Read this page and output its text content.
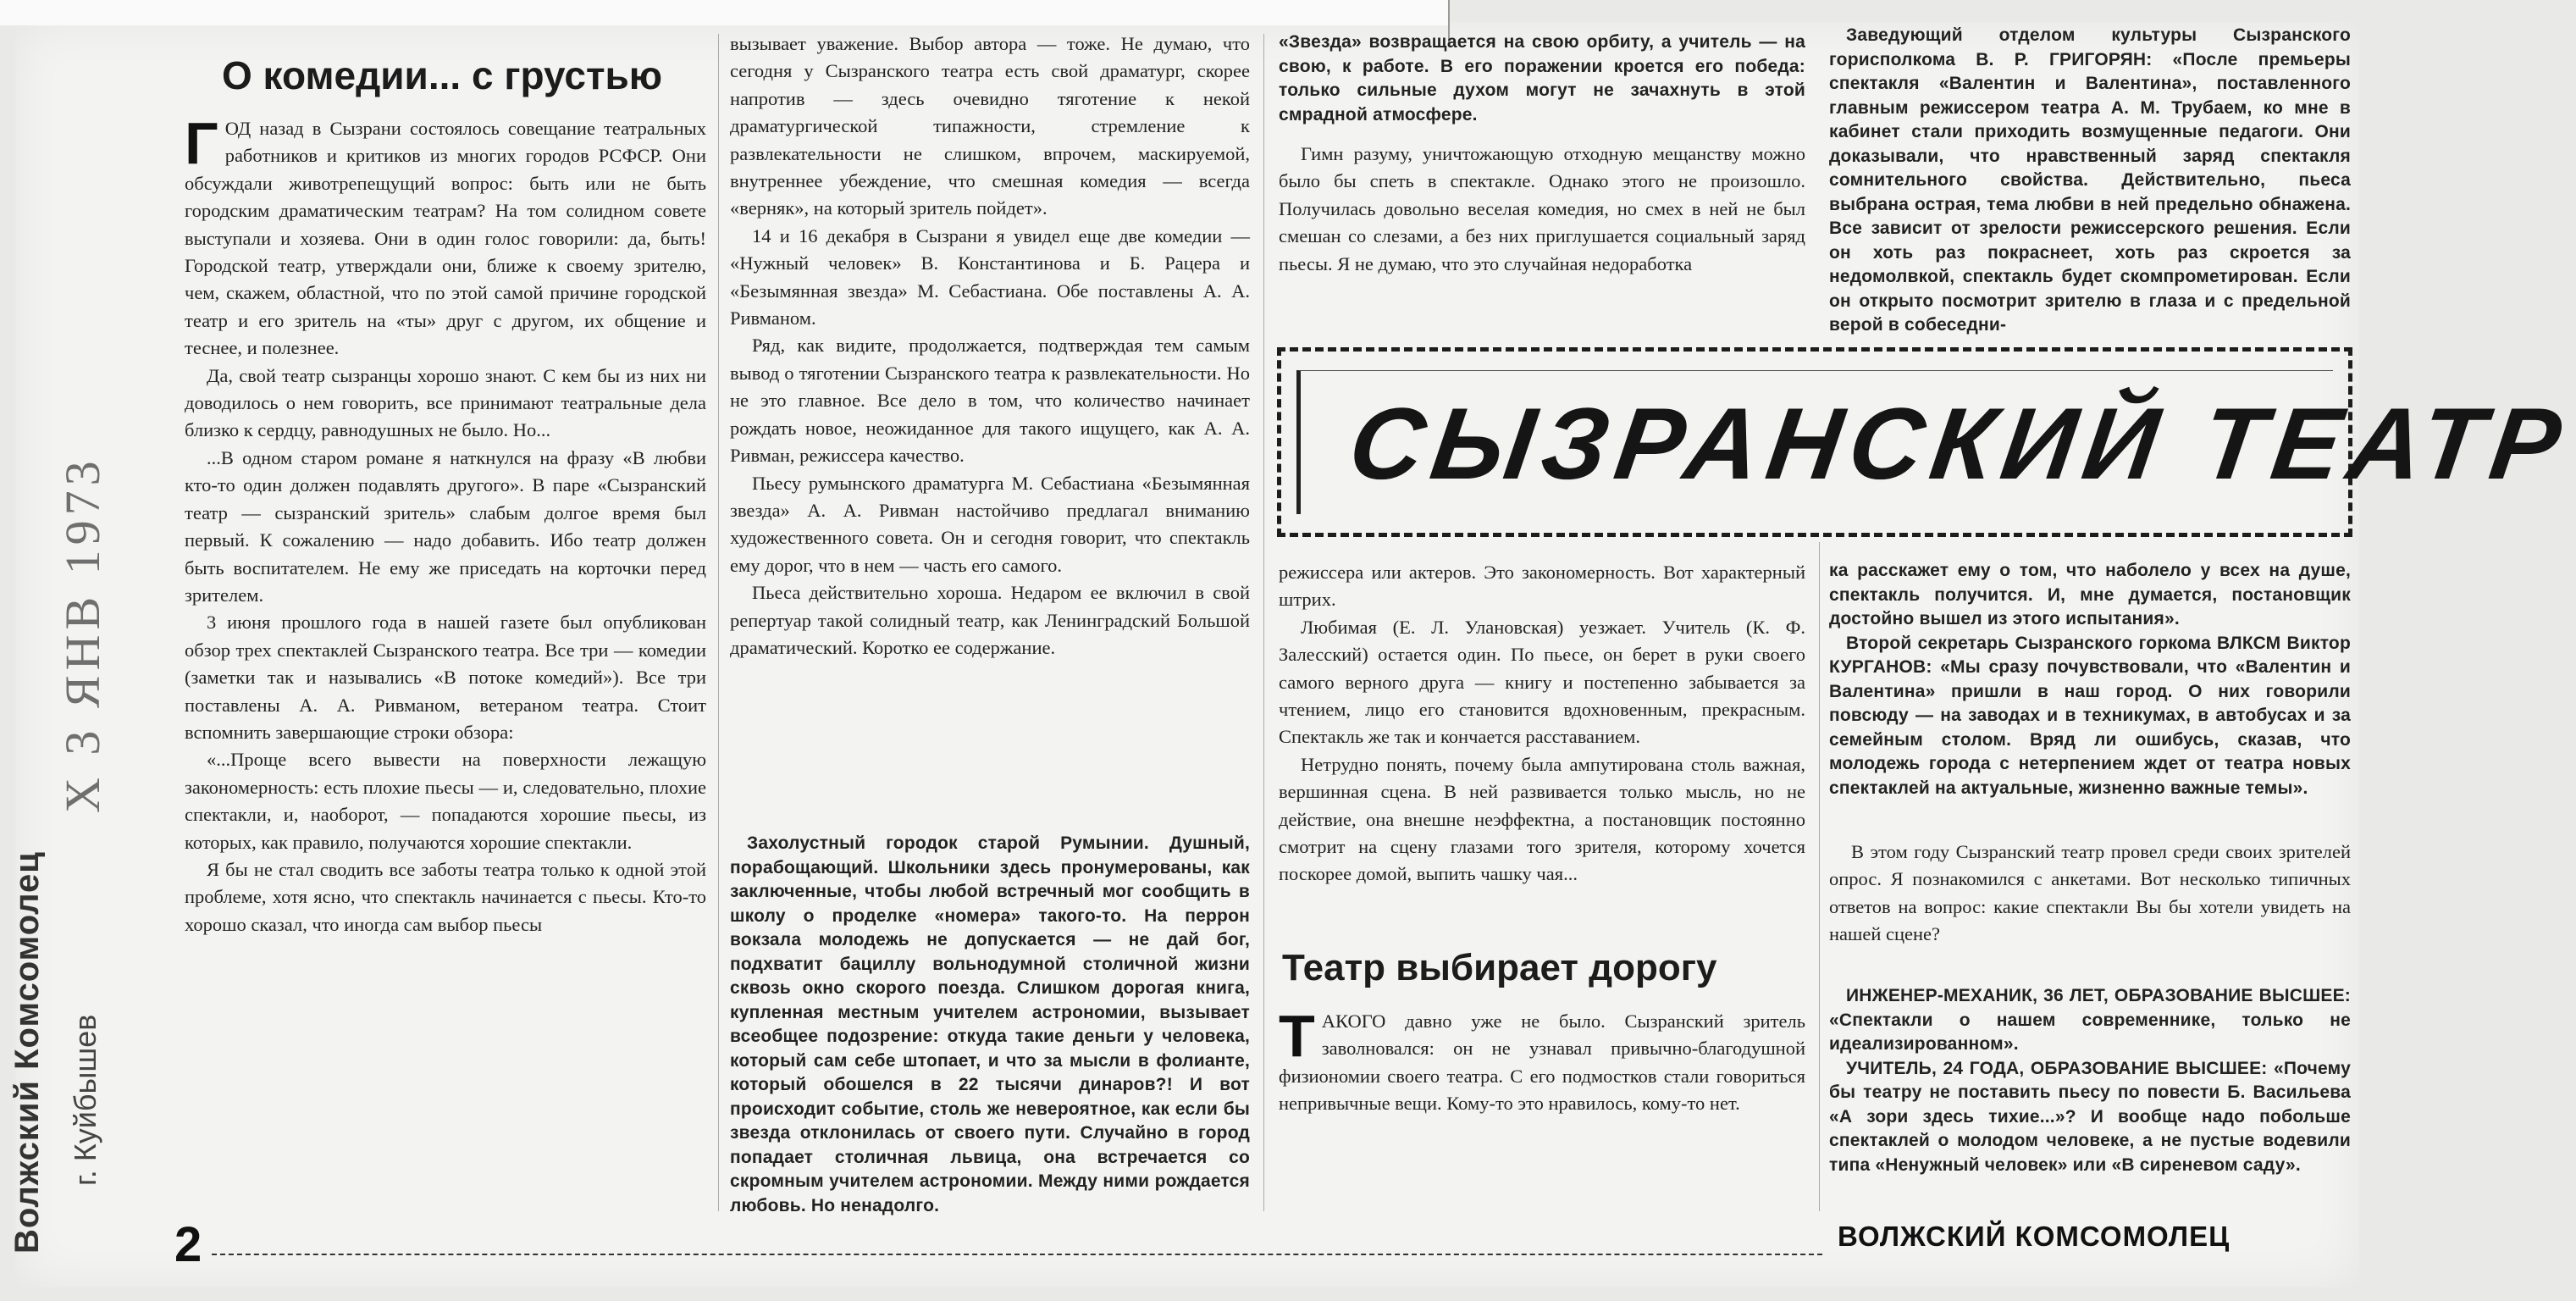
Х 3 ЯНВ 1973
Волжский Комсомолец г. Куйбышев
О комедии... с грустью

ГОД назад в Сызрани состоялось совещание театральных работников и критиков из многих городов РСФСР. Они обсуждали животрепещущий вопрос: быть или не быть городским драматическим театрам? На том солидном совете выступали и хозяева. Они в один голос говорили: да, быть! Городской театр, утверждали они, ближе к своему зрителю, чем, скажем, областной, что по этой самой причине городской театр и его зритель на «ты» друг с другом, их общение и теснее, и полезнее.

Да, свой театр сызранцы хорошо знают. С кем бы из них ни доводилось о нем говорить, все принимают театральные дела близко к сердцу, равнодушных не было. Но...

...В одном старом романе я наткнулся на фразу «В любви кто-то один должен подавлять другого». В паре «Сызранский театр — сызранский зритель» слабым долгое время был первый. К сожалению — надо добавить. Ибо театр должен быть воспитателем. Не ему же приседать на корточки перед зрителем.

3 июня прошлого года в нашей газете был опубликован обзор трех спектаклей Сызранского театра. Все три — комедии (заметки так и назывались «В потоке комедий»). Все три поставлены А. А. Ривманом, ветераном театра. Стоит вспомнить завершающие строки обзора:

«...Проще всего вывести на поверхности лежащую закономерность: есть плохие пьесы — и, следовательно, плохие спектакли, и, наоборот, — попадаются хорошие пьесы, из которых, как правило, получаются хорошие спектакли.

Я бы не стал сводить все заботы театра только к одной этой проблеме, хотя ясно, что спектакль начинается с пьесы. Кто-то хорошо сказал, что иногда сам выбор пьесы

вызывает уважение. Выбор автора — тоже. Не думаю, что сегодня у Сызранского театра есть свой драматург, скорее напротив — здесь очевидно тяготение к некой драматургической типажности, стремление к развлекательности не слишком, впрочем, маскируемой, внутреннее убеждение, что смешная комедия — всегда «верняк», на который зритель пойдет».

14 и 16 декабря в Сызрани я увидел еще две комедии — «Нужный человек» В. Константинова и Б. Рацера и «Безымянная звезда» М. Себастиана. Обе поставлены А. А. Ривманом.

Ряд, как видите, продолжается, подтверждая тем самым вывод о тяготении Сызранского театра к развлекательности. Но не это главное. Все дело в том, что количество начинает рождать новое, неожиданное для такого ищущего, как А. А. Ривман, режиссера качество.

Пьесу румынского драматурга М. Себастиана «Безымянная звезда» А. А. Ривман настойчиво предлагал вниманию художественного совета. Он и сегодня говорит, что спектакль ему дорог, что в нем — часть его самого.

Пьеса действительно хороша. Недаром ее включил в свой репертуар такой солидный театр, как Ленинградский Большой драматический. Коротко ее содержание.

Захолустный городок старой Румынии. Душный, порабощающий. Школьники здесь пронумерованы, как заключенные, чтобы любой встречный мог сообщить в школу о проделке «номера» такого-то. На перрон вокзала молодежь не допускается — не дай бог, подхватит бациллу вольнодумной столичной жизни сквозь окно скорого поезда. Слишком дорогая книга, купленная местным учителем астрономии, вызывает всеобщее подозрение: откуда такие деньги у человека, который сам себе штопает, и что за мысли в фолианте, который обошелся в 22 тысячи динаров?! И вот происходит событие, столь же невероятное, как если бы звезда отклонилась от своего пути. Случайно в город попадает столичная львица, она встречается со скромным учителем астрономии. Между ними рождается любовь. Но ненадолго.

«Звезда» возвращается на свою орбиту, а учитель — на свою, к работе. В его поражении кроется его победа: только сильные духом могут не зачахнуть в этой смрадной атмосфере.

Гимн разуму, уничтожающую отходную мещанству можно было бы спеть в спектакле. Однако этого не произошло. Получилась довольно веселая комедия, но смех в ней не был смешан со слезами, а без них приглушается социальный заряд пьесы. Я не думаю, что это случайная недоработка

режиссера или актеров. Это закономерность. Вот характерный штрих.

Любимая (Е. Л. Улановская) уезжает. Учитель (К. Ф. Залесский) остается один. По пьесе, он берет в руки своего самого верного друга — книгу и постепенно забывается за чтением, лицо его становится вдохновенным, прекрасным. Спектакль же так и кончается расставанием.

Нетрудно понять, почему была ампутирована столь важная, вершинная сцена. В ней развивается только мысль, но не действие, она внешне неэффектна, а постановщик постоянно смотрит на сцену глазами того зрителя, которому хочется поскорее домой, выпить чашку чая...

Заведующий отделом культуры Сызранского горисполкома В. Р. ГРИГОРЯН: «После премьеры спектакля «Валентин и Валентина», поставленного главным режиссером театра А. М. Трубаем, ко мне в кабинет стали приходить возмущенные педагоги. Они доказывали, что нравственный заряд спектакля сомнительного свойства. Действительно, пьеса выбрана острая, тема любви в ней предельно обнажена. Все зависит от зрелости режиссерского решения. Если он хоть раз покраснеет, хоть раз скроется за недомолвкой, спектакль будет скомпрометирован. Если он открыто посмотрит зрителю в глаза и с предельной верой в собеседни-

СЫЗРАНСКИЙ ТЕАТР
Театр выбирает дорогу

ТАКОГО давно уже не было. Сызранский зритель заволновался: он не узнавал привычно-благодушной физиономии своего театра. С его подмостков стали говориться непривычные вещи. Кому-то это нравилось, кому-то нет.

ка расскажет ему о том, что наболело у всех на душе, спектакль получится. И, мне думается, постановщик достойно вышел из этого испытания».

Второй секретарь Сызранского горкома ВЛКСМ Виктор КУРГАНОВ: «Мы сразу почувствовали, что «Валентин и Валентина» пришли в наш город. О них говорили повсюду — на заводах и в техникумах, в автобусах и за семейным столом. Вряд ли ошибусь, сказав, что молодежь города с нетерпением ждет от театра новых спектаклей на актуальные, жизненно важные темы».

В этом году Сызранский театр провел среди своих зрителей опрос. Я познакомился с анкетами. Вот несколько типичных ответов на вопрос: какие спектакли Вы бы хотели увидеть на нашей сцене?

ИНЖЕНЕР-МЕХАНИК, 36 ЛЕТ, ОБРАЗОВАНИЕ ВЫСШЕЕ: «Спектакли о нашем современнике, только не идеализированном».

УЧИТЕЛЬ, 24 ГОДА, ОБРАЗОВАНИЕ ВЫСШЕЕ: «Почему бы театру не поставить пьесу по повести Б. Васильева «А зори здесь тихие...»? И вообще надо побольше спектаклей о молодом человеке, а не пустые водевили типа «Ненужный человек» или «В сиреневом саду».

2	ВОЛЖСКИЙ КОМСОМОЛЕЦ
